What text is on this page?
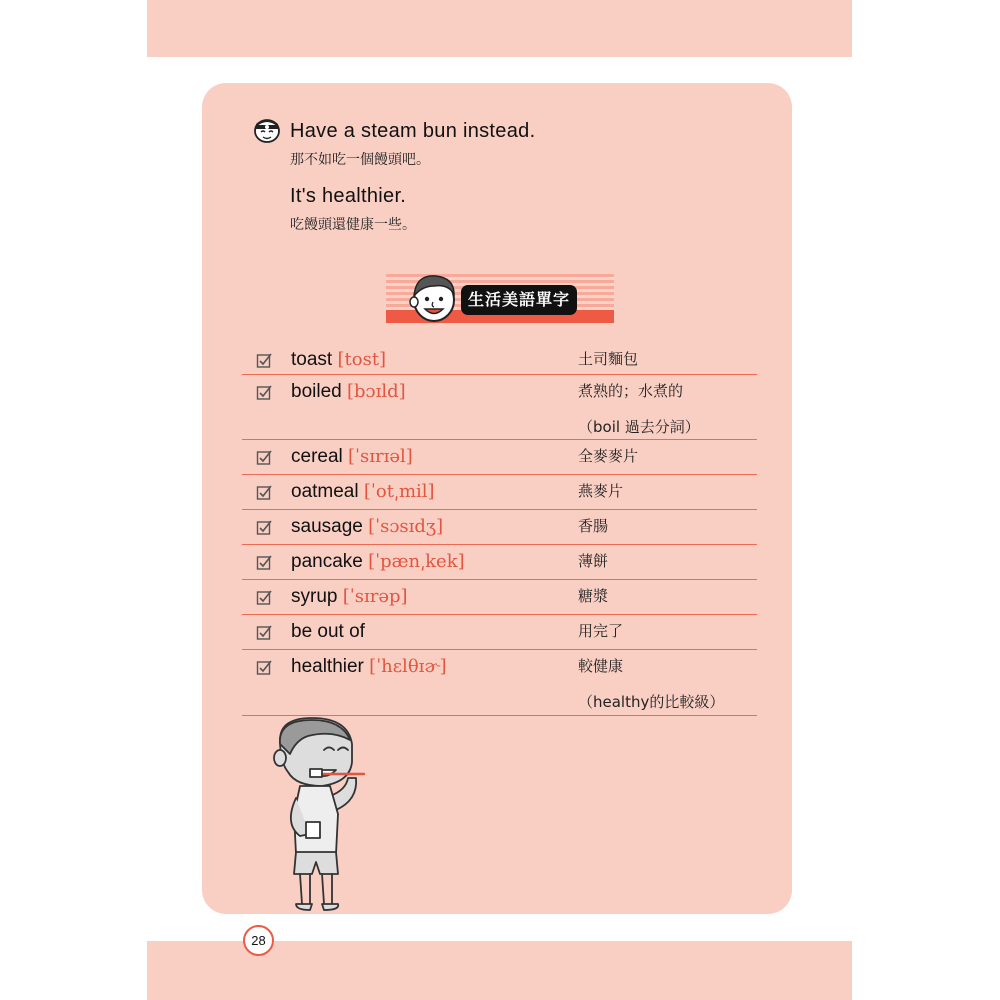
Have a steam bun instead.
那不如吃一個饅頭吧。
It's healthier.
吃饅頭還健康一些。
生活美語單字
toast [tost]	土司麵包
boiled [bɔɪld]	煮熟的；水煮的
（boil 過去分詞）
cereal [ˈsɪrɪəl]	全麥麥片
oatmeal [ˈot͵mil]	燕麥片
sausage [ˈsɔsɪdʒ]	香腸
pancake [ˈpæn͵kek]	薄餅
syrup [ˈsɪrəp]	糖漿
be out of	用完了
healthier [ˈhɛlθɪɚ]	較健康
（healthy的比較級）
28
